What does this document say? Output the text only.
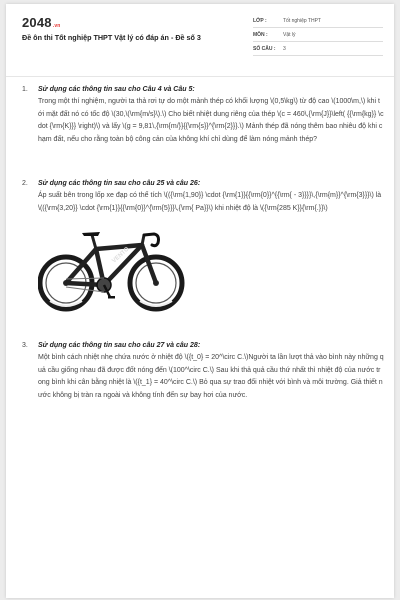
2048.vn
Đề ôn thi Tốt nghiệp THPT Vật lý có đáp án - Đề số 3
LỚP :	Tốt nghiệp THPT
MÔN :	Vật lý
SỐ CÂU :	3
1. Sử dụng các thông tin sau cho Câu 4 và Câu 5:
Trong một thí nghiệm, người ta thả rơi tự do một mảnh thép có khối lượng \(0,5\kg\) từ độ cao \(1000\m,\) khi tới mặt đất nó có tốc độ \(30,\(\rm{m/s}\).\) Cho biết nhiệt dung riêng của thép \(c = 460\,{\rm{J}}\left( {{\rm{kg}} \cdot {\rm{K}}} \right)\) và lấy \(g = 9,81\,{\rm{m/}}{{\rm{s}}^{\rm{2}}}.\) Mảnh thép đã nóng thêm bao nhiêu độ khi chạm đất, nếu cho rằng toàn bộ công cản của không khí chỉ dùng để làm nóng mảnh thép?
2. Sử dụng các thông tin sau cho câu 25 và câu 26:
Áp suất bên trong lốp xe đạp có thể tích \(({\rm{1,90}} \cdot {\rm{1}}{{\rm{0}}^{{\rm{ - 3}}}}\,{\rm{m}}^{\rm{3}}}\) là \(({\rm{3,20}} \cdot {\rm{1}}{{\rm{0}}^{\rm{5}}}\,{\rm{ Pa}}\) khi nhiệt độ là \({\rm{285 K}}{\rm{.}}\)
VENTO
3. Sử dụng các thông tin sau cho câu 27 và câu 28:
Một bình cách nhiệt nhẹ chứa nước ở nhiệt độ \({t_0} = 20^\circ C.\)Người ta lần lượt thả vào bình này những quả cầu giống nhau đã được đốt nóng đến \(100^\circ C.\) Sau khi thả quả cầu thứ nhất thì nhiệt độ của nước trong bình khi cân bằng nhiệt là \({t_1} = 40^\circ C.\) Bỏ qua sự trao đổi nhiệt với bình và môi trường. Giả thiết nước không bị tràn ra ngoài và không tính đến sự bay hơi của nước.
